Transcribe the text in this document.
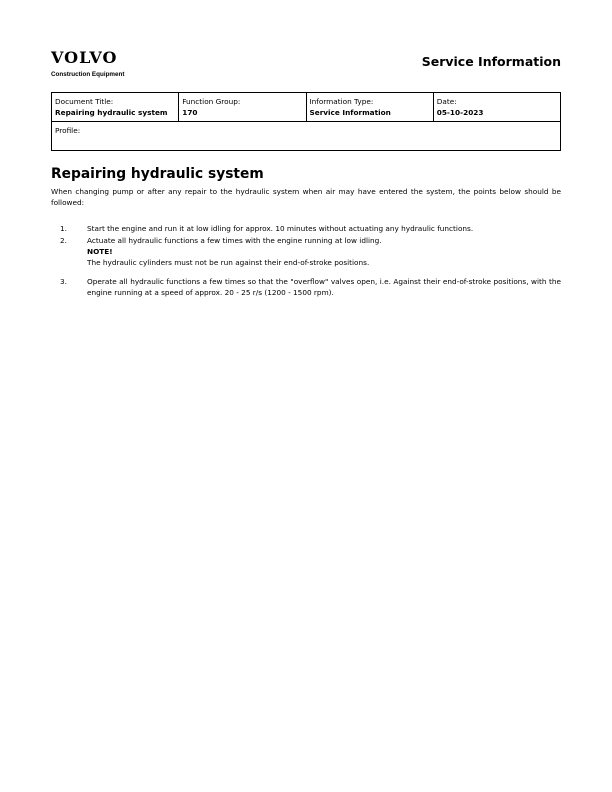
VOLVO
Construction Equipment
Service Information
Document Title:
Repairing hydraulic system
Function Group:
170
Information Type:
Service Information
Date:
05-10-2023
Profile:
Repairing hydraulic system

When changing pump or after any repair to the hydraulic system when air may have entered the system, the points below should be followed:

1.	Start the engine and run it at low idling for approx. 10 minutes without actuating any hydraulic functions.
2.	Actuate all hydraulic functions a few times with the engine running at low idling.
NOTE!
The hydraulic cylinders must not be run against their end-of-stroke positions.
3.	Operate all hydraulic functions a few times so that the "overflow" valves open, i.e. Against their end-of-stroke positions, with the engine running at a speed of approx. 20 - 25 r/s (1200 - 1500 rpm).
